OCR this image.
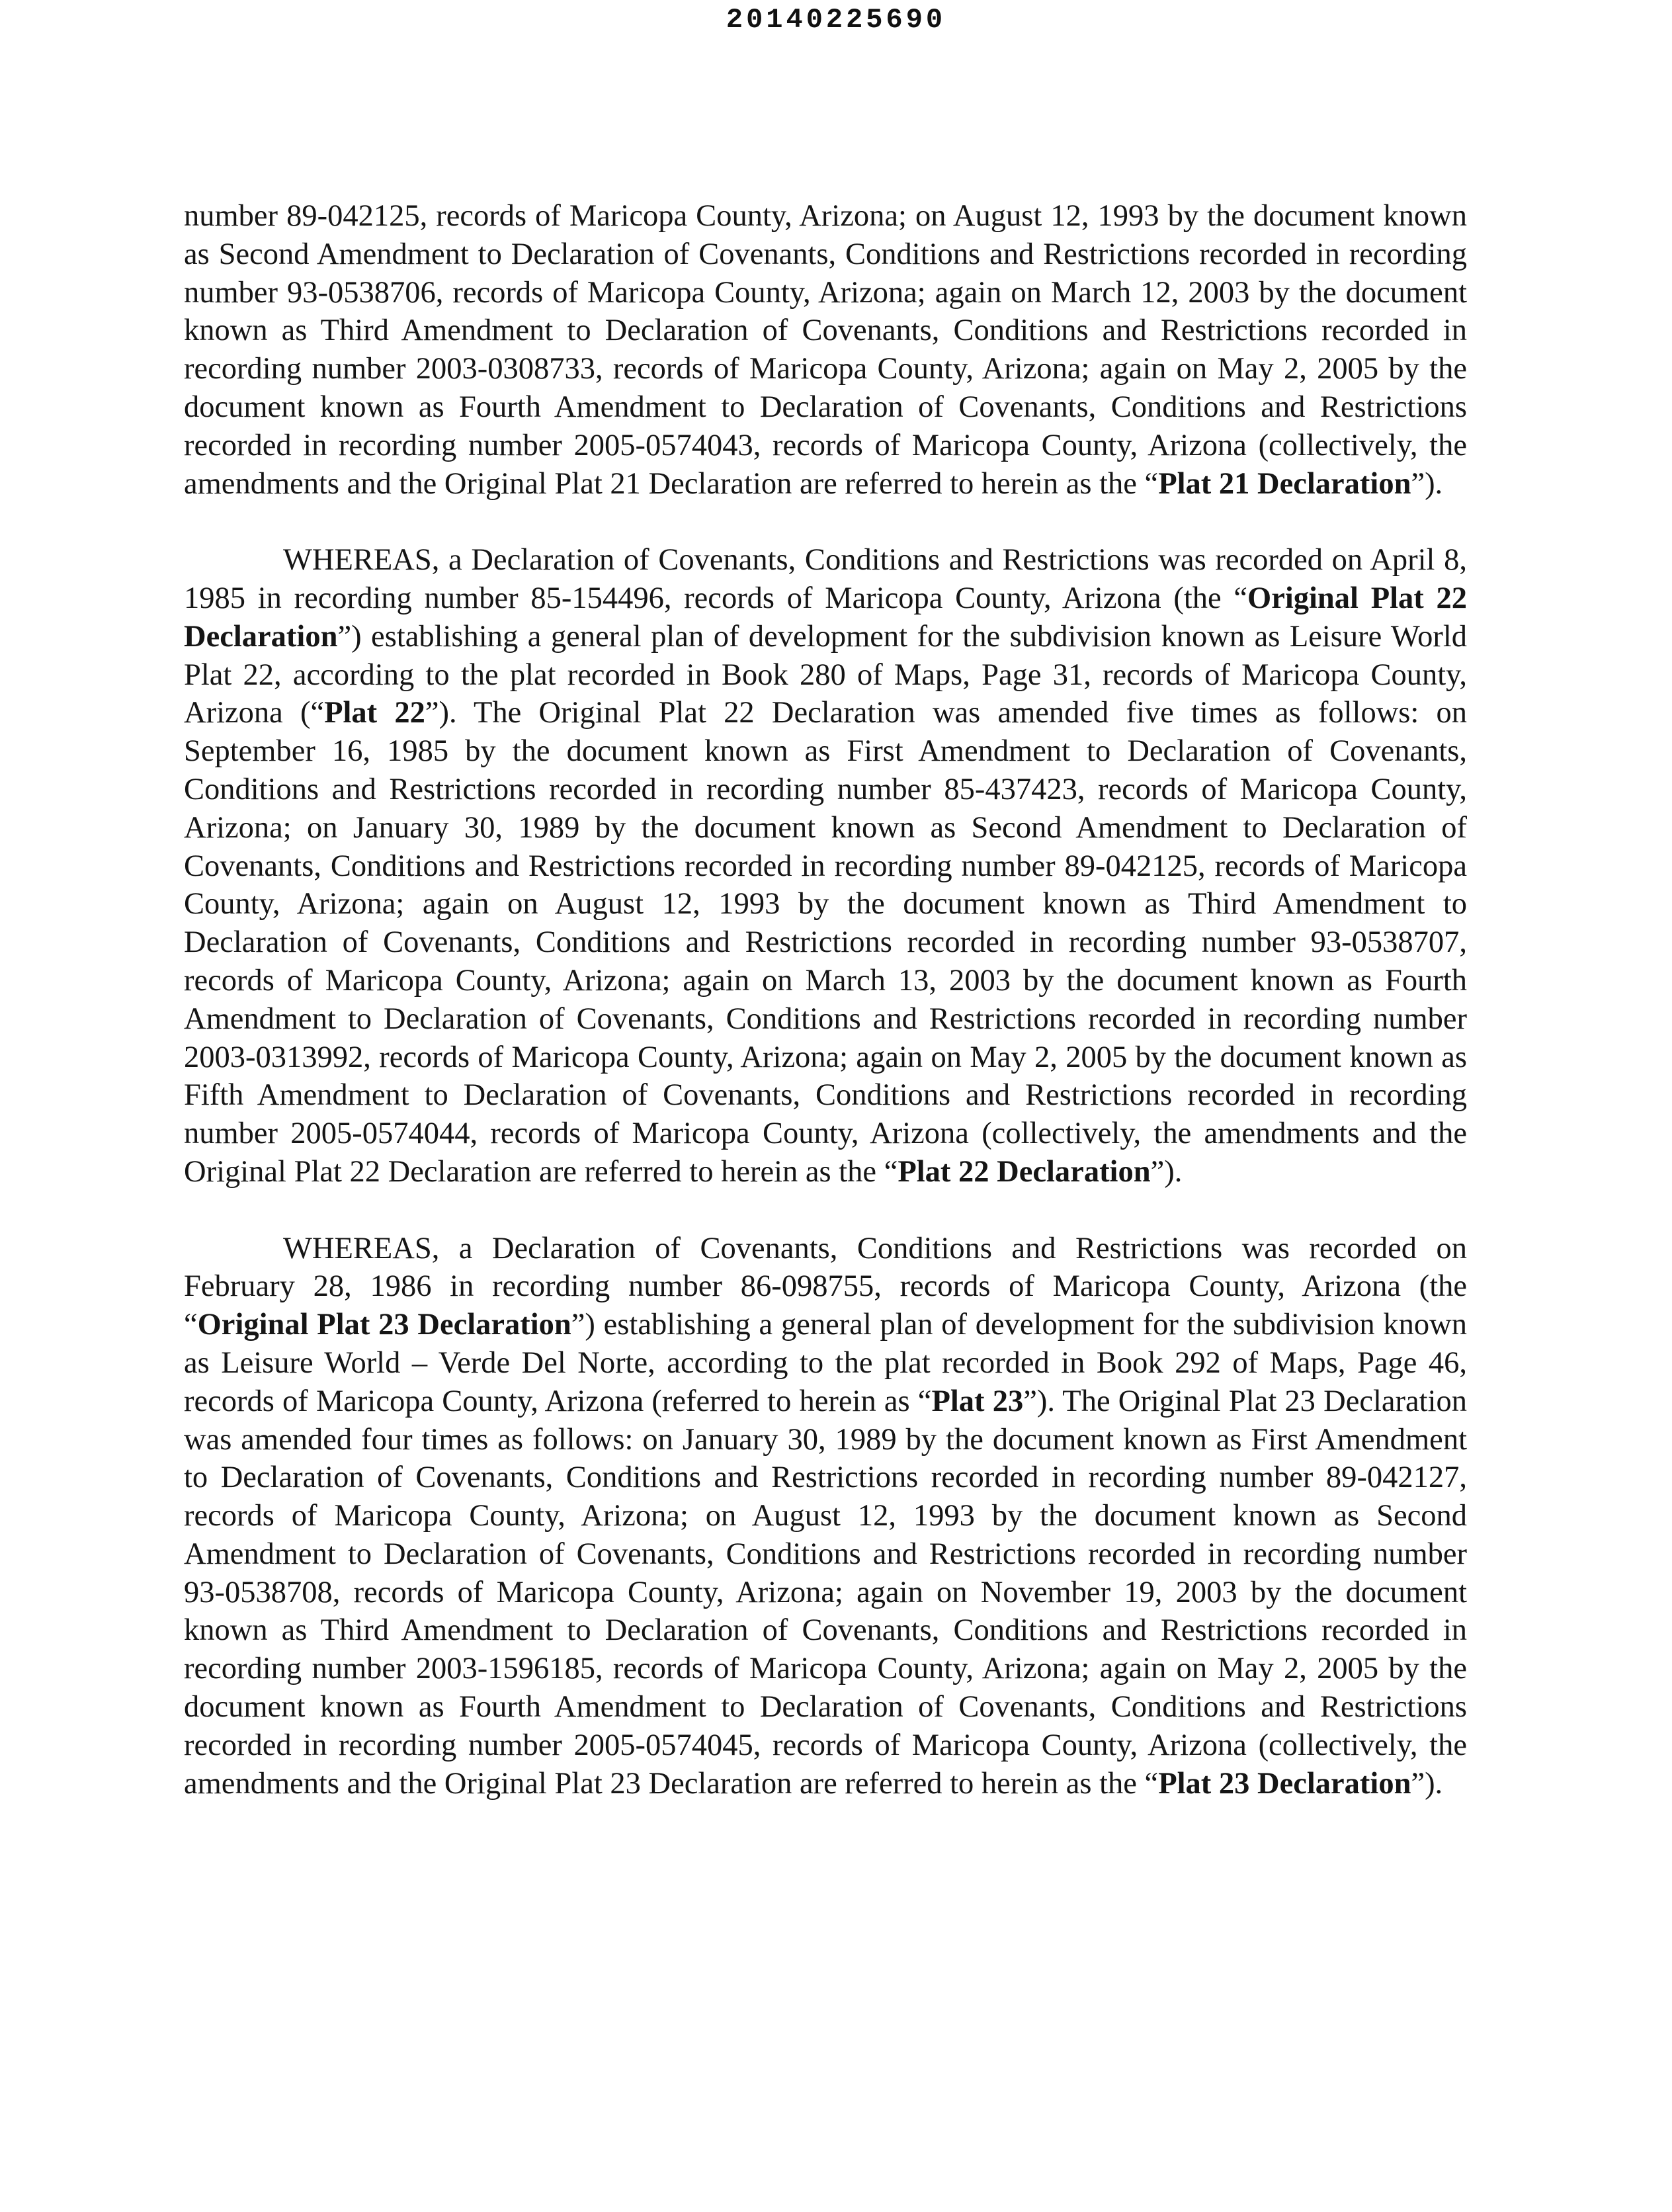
20140225690

number 89-042125, records of Maricopa County, Arizona; on August 12, 1993 by the document known as Second Amendment to Declaration of Covenants, Conditions and Restrictions recorded in recording number 93-0538706, records of Maricopa County, Arizona; again on March 12, 2003 by the document known as Third Amendment to Declaration of Covenants, Conditions and Restrictions recorded in recording number 2003-0308733, records of Maricopa County, Arizona; again on May 2, 2005 by the document known as Fourth Amendment to Declaration of Covenants, Conditions and Restrictions recorded in recording number 2005-0574043, records of Maricopa County, Arizona (collectively, the amendments and the Original Plat 21 Declaration are referred to herein as the “Plat 21 Declaration”).

WHEREAS, a Declaration of Covenants, Conditions and Restrictions was recorded on April 8, 1985 in recording number 85-154496, records of Maricopa County, Arizona (the “Original Plat 22 Declaration”) establishing a general plan of development for the subdivision known as Leisure World Plat 22, according to the plat recorded in Book 280 of Maps, Page 31, records of Maricopa County, Arizona (“Plat 22”). The Original Plat 22 Declaration was amended five times as follows: on September 16, 1985 by the document known as First Amendment to Declaration of Covenants, Conditions and Restrictions recorded in recording number 85-437423, records of Maricopa County, Arizona; on January 30, 1989 by the document known as Second Amendment to Declaration of Covenants, Conditions and Restrictions recorded in recording number 89-042125, records of Maricopa County, Arizona; again on August 12, 1993 by the document known as Third Amendment to Declaration of Covenants, Conditions and Restrictions recorded in recording number 93-0538707, records of Maricopa County, Arizona; again on March 13, 2003 by the document known as Fourth Amendment to Declaration of Covenants, Conditions and Restrictions recorded in recording number 2003-0313992, records of Maricopa County, Arizona; again on May 2, 2005 by the document known as Fifth Amendment to Declaration of Covenants, Conditions and Restrictions recorded in recording number 2005-0574044, records of Maricopa County, Arizona (collectively, the amendments and the Original Plat 22 Declaration are referred to herein as the “Plat 22 Declaration”).

WHEREAS, a Declaration of Covenants, Conditions and Restrictions was recorded on February 28, 1986 in recording number 86-098755, records of Maricopa County, Arizona (the “Original Plat 23 Declaration”) establishing a general plan of development for the subdivision known as Leisure World – Verde Del Norte, according to the plat recorded in Book 292 of Maps, Page 46, records of Maricopa County, Arizona (referred to herein as “Plat 23”). The Original Plat 23 Declaration was amended four times as follows: on January 30, 1989 by the document known as First Amendment to Declaration of Covenants, Conditions and Restrictions recorded in recording number 89-042127, records of Maricopa County, Arizona; on August 12, 1993 by the document known as Second Amendment to Declaration of Covenants, Conditions and Restrictions recorded in recording number 93-0538708, records of Maricopa County, Arizona; again on November 19, 2003 by the document known as Third Amendment to Declaration of Covenants, Conditions and Restrictions recorded in recording number 2003-1596185, records of Maricopa County, Arizona; again on May 2, 2005 by the document known as Fourth Amendment to Declaration of Covenants, Conditions and Restrictions recorded in recording number 2005-0574045, records of Maricopa County, Arizona (collectively, the amendments and the Original Plat 23 Declaration are referred to herein as the “Plat 23 Declaration”).
